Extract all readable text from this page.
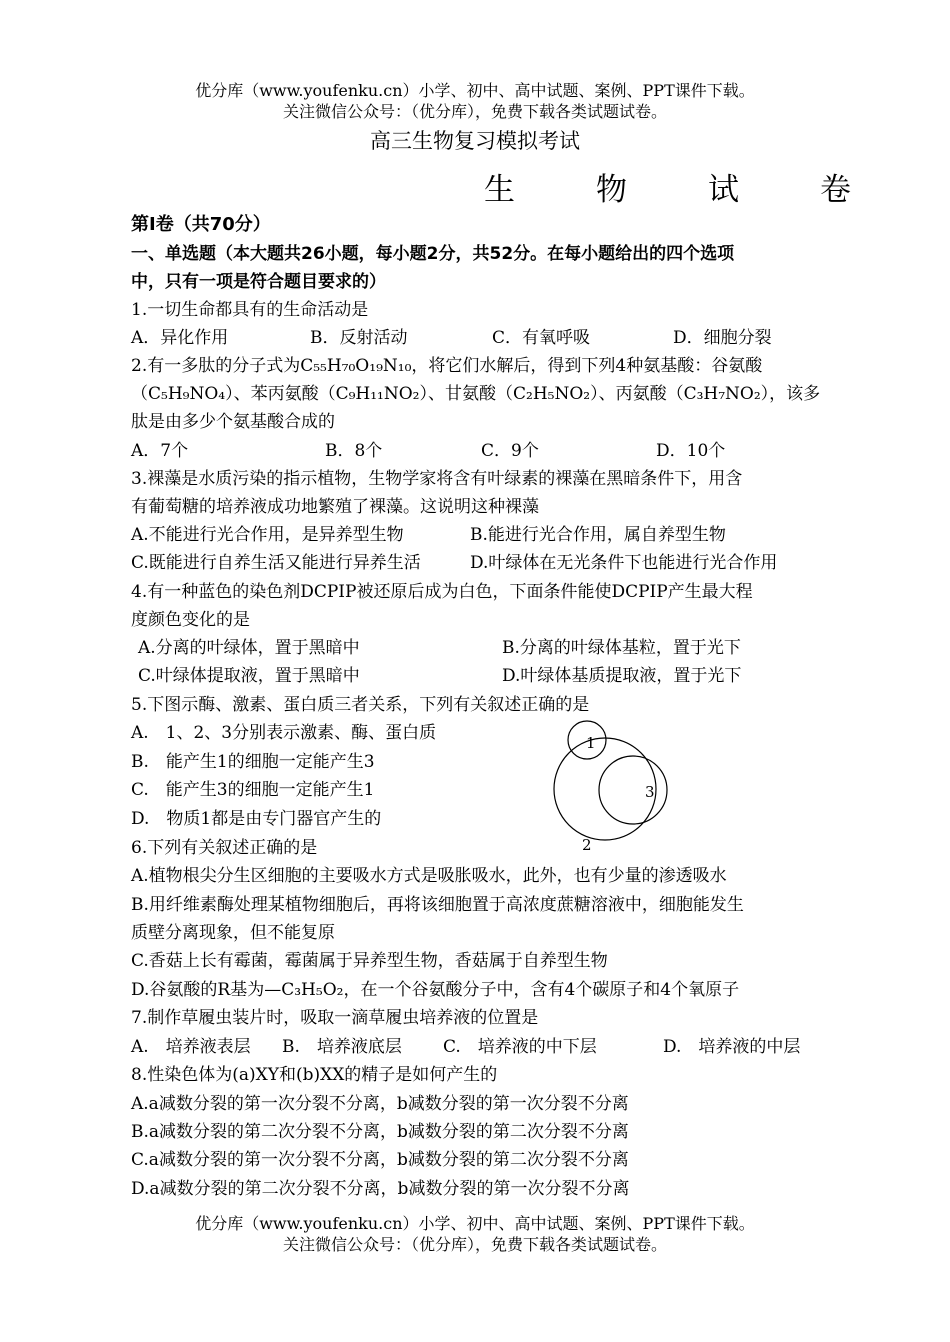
优分库（www.youfenku.cn）小学、初中、高中试题、案例、PPT课件下载。
关注微信公众号：（优分库），免费下载各类试题试卷。
高三生物复习模拟考试
生	物	试	卷
第Ⅰ卷（共70分）
一、单选题（本大题共26小题，每小题2分，共52分。在每小题给出的四个选项
中，只有一项是符合题目要求的）
1.一切生命都具有的生命活动是
A．异化作用	B．反射活动	C．有氧呼吸	D．细胞分裂
2.有一多肽的分子式为C₅₅H₇₀O₁₉N₁₀，将它们水解后，得到下列4种氨基酸：谷氨酸
（C₅H₉NO₄）、苯丙氨酸（C₉H₁₁NO₂）、甘氨酸（C₂H₅NO₂）、丙氨酸（C₃H₇NO₂），该多
肽是由多少个氨基酸合成的
A．7个	B．8个	C．9个	D．10个
3.裸藻是水质污染的指示植物，生物学家将含有叶绿素的裸藻在黑暗条件下，用含
有葡萄糖的培养液成功地繁殖了裸藻。这说明这种裸藻
A.不能进行光合作用，是异养型生物	B.能进行光合作用，属自养型生物
C.既能进行自养生活又能进行异养生活	D.叶绿体在无光条件下也能进行光合作用
4.有一种蓝色的染色剂DCPIP被还原后成为白色，下面条件能使DCPIP产生最大程
度颜色变化的是
A.分离的叶绿体，置于黑暗中	B.分离的叶绿体基粒，置于光下
C.叶绿体提取液，置于黑暗中	D.叶绿体基质提取液，置于光下
5.下图示酶、激素、蛋白质三者关系，下列有关叙述正确的是
A.　1、2、3分别表示激素、酶、蛋白质
B.　能产生1的细胞一定能产生3
C.　能产生3的细胞一定能产生1
D.　物质1都是由专门器官产生的
1
2
3
6.下列有关叙述正确的是
A.植物根尖分生区细胞的主要吸水方式是吸胀吸水，此外，也有少量的渗透吸水
B.用纤维素酶处理某植物细胞后，再将该细胞置于高浓度蔗糖溶液中，细胞能发生
质壁分离现象，但不能复原
C.香菇上长有霉菌，霉菌属于异养型生物，香菇属于自养型生物
D.谷氨酸的R基为—C₃H₅O₂，在一个谷氨酸分子中，含有4个碳原子和4个氧原子
7.制作草履虫装片时，吸取一滴草履虫培养液的位置是
A.　培养液表层 B.　培养液底层 C.　培养液的中下层	D.　培养液的中层
8.性染色体为(a)XY和(b)XX的精子是如何产生的
A.a减数分裂的第一次分裂不分离，b减数分裂的第一次分裂不分离
B.a减数分裂的第二次分裂不分离，b减数分裂的第二次分裂不分离
C.a减数分裂的第一次分裂不分离，b减数分裂的第二次分裂不分离
D.a减数分裂的第二次分裂不分离，b减数分裂的第一次分裂不分离
优分库（www.youfenku.cn）小学、初中、高中试题、案例、PPT课件下载。
关注微信公众号：（优分库），免费下载各类试题试卷。
